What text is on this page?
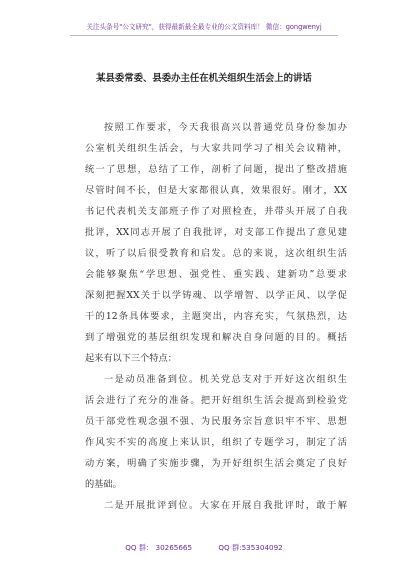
关注头条号"公文研究"，获得最新最全最专业的公文资料库！ 微信：gongwenyj
某县委常委、县委办主任在机关组织生活会上的讲话
按照工作要求，今天我很高兴以普通党员身份参加办
公室机关组织生活会，与大家共同学习了相关会议精神，
统一了思想，总结了工作，剖析了问题，提出了整改措施
尽管时间不长，但是大家都很认真，效果很好。刚才，XX
书记代表机关支部班子作了对照检查，并带头开展了自我
批评，XX同志开展了自我批评，对支部工作提出了意见建
议，听了以后很受教育和启发。总的来说，这次组织生活
会能够聚焦“学思想、强党性、重实践、建新功”总要求
深刻把握XX关于以学铸魂、以学增智、以学正风、以学促
干的12条具体要求，主题突出，内容充实，气氛热烈，达
到了增强党的基层组织发现和解决自身问题的目的。概括
起来有以下三个特点：
一是动员准备到位。机关党总支对于开好这次组织生
活会进行了充分的准备。把开好组织生活会提高到检验党
员干部党性观念强不强、为民服务宗旨意识牢不牢、思想
作风实不实的高度上来认识，组织了专题学习，制定了活
动方案，明确了实施步骤，为开好组织生活会奠定了良好
的基础。
二是开展批评到位。大家在开展自我批评时，敢于解
QQ 群： 30265665	QQ 群:535304092
